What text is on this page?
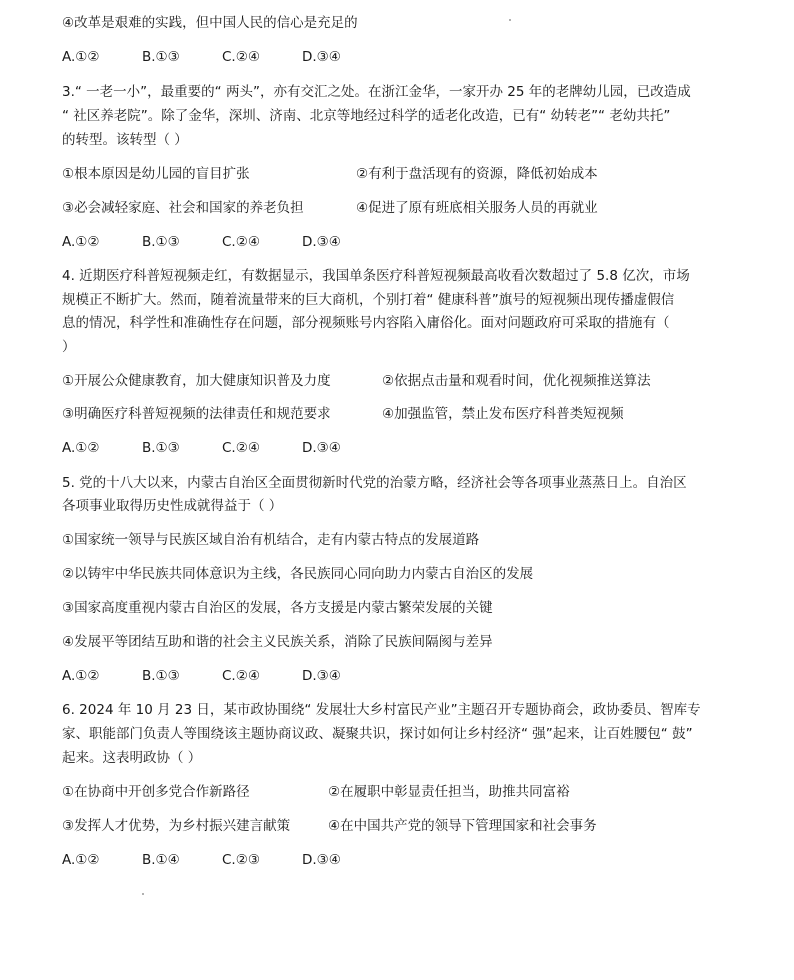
④改革是艰难的实践，但中国人民的信心是充足的
A.①②	B.①③	C.②④	D.③④
3.“ 一老一小”，最重要的“ 两头”，亦有交汇之处。在浙江金华，一家开办 25 年的老牌幼儿园，已改造成
“ 社区养老院”。除了金华，深圳、济南、北京等地经过科学的适老化改造，已有“ 幼转老”“ 老幼共托”
的转型。该转型（ ）
①根本原因是幼儿园的盲目扩张	②有利于盘活现有的资源，降低初始成本
③必会减轻家庭、社会和国家的养老负担	④促进了原有班底相关服务人员的再就业
A.①②	B.①③	C.②④	D.③④
4. 近期医疗科普短视频走红，有数据显示，我国单条医疗科普短视频最高收看次数超过了 5.8 亿次，市场
规模正不断扩大。然而，随着流量带来的巨大商机，个别打着“ 健康科普”旗号的短视频出现传播虚假信
息的情况，科学性和准确性存在问题，部分视频账号内容陷入庸俗化。面对问题政府可采取的措施有（
）
①开展公众健康教育，加大健康知识普及力度	②依据点击量和观看时间，优化视频推送算法
③明确医疗科普短视频的法律责任和规范要求	④加强监管，禁止发布医疗科普类短视频
A.①②	B.①③	C.②④	D.③④
5. 党的十八大以来，内蒙古自治区全面贯彻新时代党的治蒙方略，经济社会等各项事业蒸蒸日上。自治区
各项事业取得历史性成就得益于（ ）
①国家统一领导与民族区域自治有机结合，走有内蒙古特点的发展道路
②以铸牢中华民族共同体意识为主线，各民族同心同向助力内蒙古自治区的发展
③国家高度重视内蒙古自治区的发展，各方支援是内蒙古繁荣发展的关键
④发展平等团结互助和谐的社会主义民族关系，消除了民族间隔阂与差异
A.①②	B.①③	C.②④	D.③④
6. 2024 年 10 月 23 日，某市政协围绕“ 发展壮大乡村富民产业”主题召开专题协商会，政协委员、智库专
家、职能部门负责人等围绕该主题协商议政、凝聚共识，探讨如何让乡村经济“ 强”起来，让百姓腰包“ 鼓”
起来。这表明政协（ ）
①在协商中开创多党合作新路径	②在履职中彰显责任担当，助推共同富裕
③发挥人才优势，为乡村振兴建言献策	④在中国共产党的领导下管理国家和社会事务
A.①②	B.①④	C.②③	D.③④
